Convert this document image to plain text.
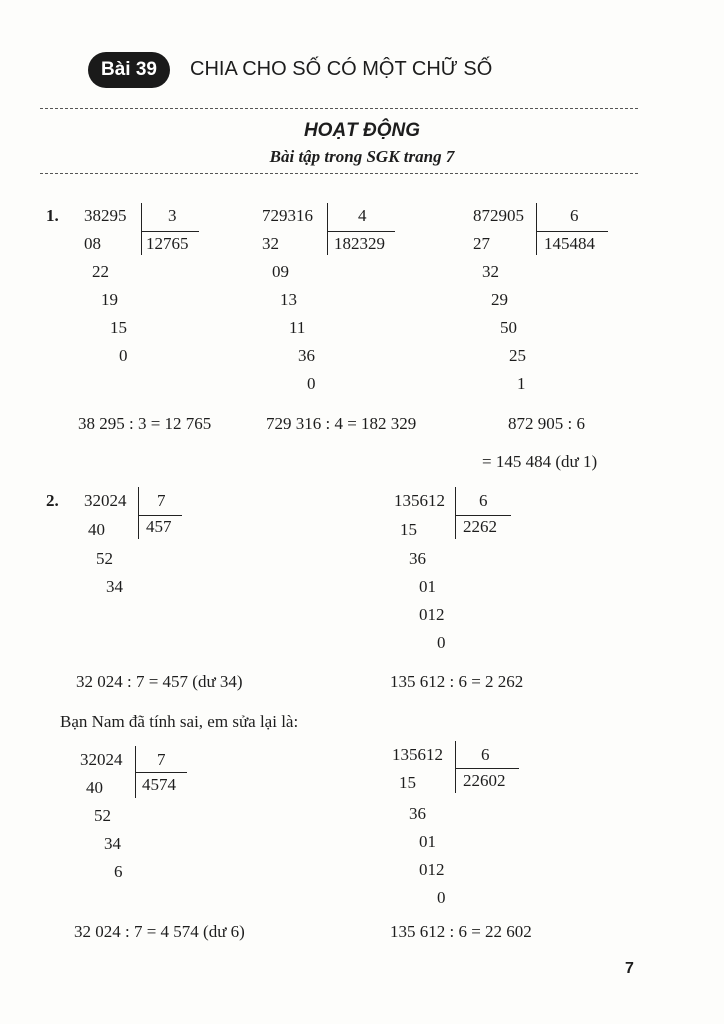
Bài 39	CHIA CHO SỐ CÓ MỘT CHỮ SỐ
HOẠT ĐỘNG
Bài tập trong SGK trang 7
1. 38295 3
12765
08
22
19
15
0
38 295 : 3 = 12 765
729316	4
182329
32
09
13
11
36
0
729 316 : 4 = 182 329
872905	6
145484
27
32
29
50
25
1
872 905 : 6
= 145 484 (dư 1)
2. 32024 7
457
40
52
34
32 024 : 7 = 457 (dư 34)
135612 6
2262
15
36
01
012
0
135 612 : 6 = 2 262
Bạn Nam đã tính sai, em sửa lại là:
32024 7
4574
40
52
34
6
32 024 : 7 = 4 574 (dư 6)
135612 6
22602
15
36
01
012
0
135 612 : 6 = 22 602
7
